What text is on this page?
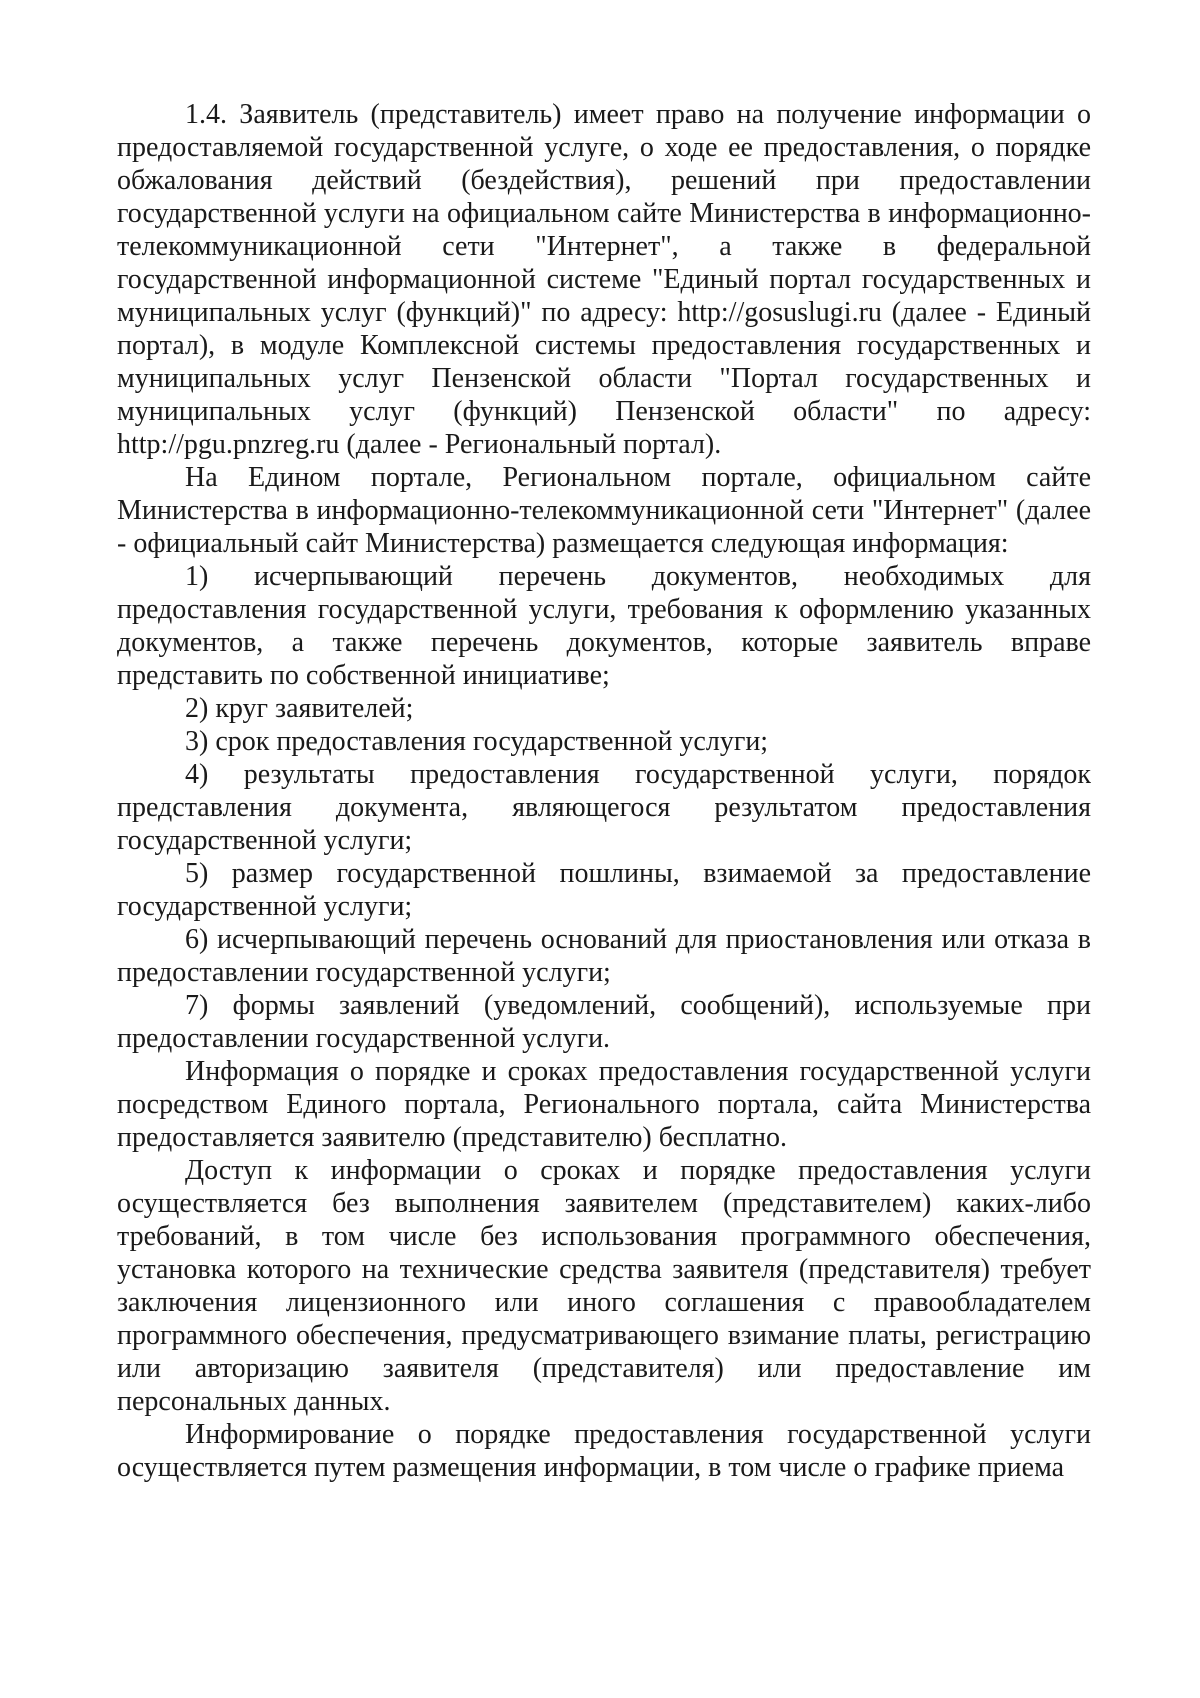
1.4. Заявитель (представитель) имеет право на получение информации о предоставляемой государственной услуге, о ходе ее предоставления, о порядке обжалования действий (бездействия), решений при предоставлении государственной услуги на официальном сайте Министерства в информационно-телекоммуникационной сети "Интернет", а также в федеральной государственной информационной системе "Единый портал государственных и муниципальных услуг (функций)" по адресу: http://gosuslugi.ru (далее - Единый портал), в модуле Комплексной системы предоставления государственных и муниципальных услуг Пензенской области "Портал государственных и муниципальных услуг (функций) Пензенской области" по адресу: http://pgu.pnzreg.ru (далее - Региональный портал).

На Едином портале, Региональном портале, официальном сайте Министерства в информационно-телекоммуникационной сети "Интернет" (далее - официальный сайт Министерства) размещается следующая информация:

1) исчерпывающий перечень документов, необходимых для предоставления государственной услуги, требования к оформлению указанных документов, а также перечень документов, которые заявитель вправе представить по собственной инициативе;

2) круг заявителей;

3) срок предоставления государственной услуги;

4) результаты предоставления государственной услуги, порядок представления документа, являющегося результатом предоставления государственной услуги;

5) размер государственной пошлины, взимаемой за предоставление государственной услуги;

6) исчерпывающий перечень оснований для приостановления или отказа в предоставлении государственной услуги;

7) формы заявлений (уведомлений, сообщений), используемые при предоставлении государственной услуги.

Информация о порядке и сроках предоставления государственной услуги посредством Единого портала, Регионального портала, сайта Министерства предоставляется заявителю (представителю) бесплатно.

Доступ к информации о сроках и порядке предоставления услуги осуществляется без выполнения заявителем (представителем) каких-либо требований, в том числе без использования программного обеспечения, установка которого на технические средства заявителя (представителя) требует заключения лицензионного или иного соглашения с правообладателем программного обеспечения, предусматривающего взимание платы, регистрацию или авторизацию заявителя (представителя) или предоставление им персональных данных.

Информирование о порядке предоставления государственной услуги осуществляется путем размещения информации, в том числе о графике приема
